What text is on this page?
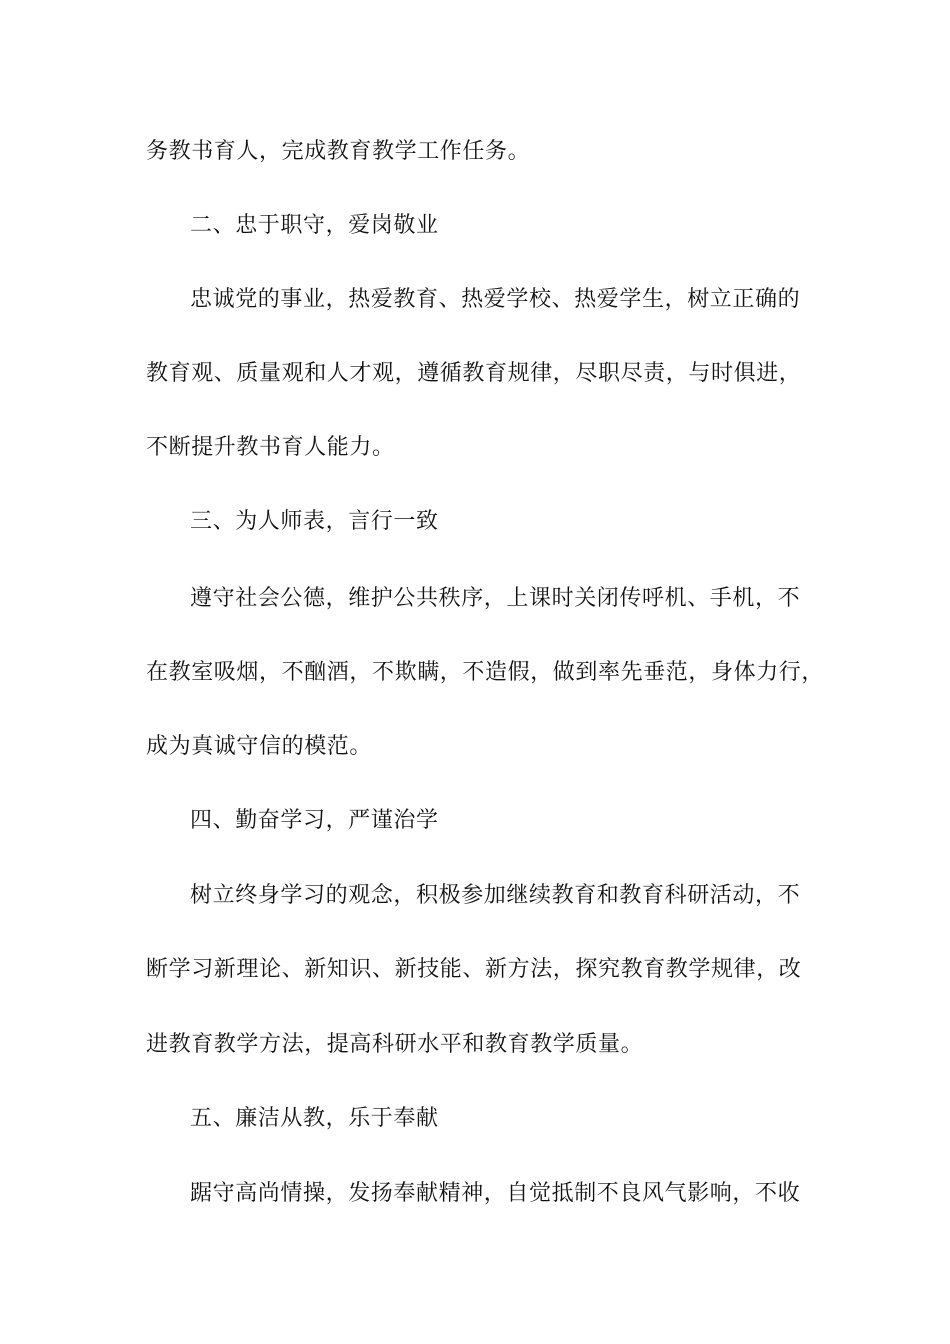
务教书育人，完成教育教学工作任务。
二、忠于职守，爱岗敬业
忠诚党的事业，热爱教育、热爱学校、热爱学生，树立正确的
教育观、质量观和人才观，遵循教育规律，尽职尽责，与时俱进，
不断提升教书育人能力。
三、为人师表，言行一致
遵守社会公德，维护公共秩序，上课时关闭传呼机、手机，不
在教室吸烟，不酗酒，不欺瞒，不造假，做到率先垂范，身体力行，
成为真诚守信的模范。
四、勤奋学习，严谨治学
树立终身学习的观念，积极参加继续教育和教育科研活动，不
断学习新理论、新知识、新技能、新方法，探究教育教学规律，改
进教育教学方法，提高科研水平和教育教学质量。
五、廉洁从教，乐于奉献
踞守高尚情操，发扬奉献精神，自觉抵制不良风气影响，不收
